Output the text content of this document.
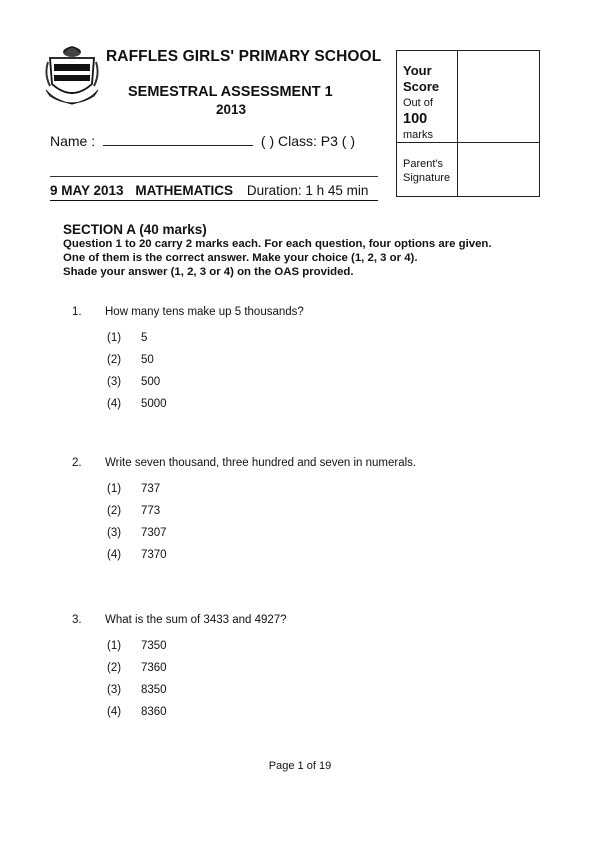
RAFFLES GIRLS' PRIMARY SCHOOL
SEMESTRAL ASSESSMENT 1
2013
Name :	( ) Class: P3 ( )
9 MAY 2013 MATHEMATICS Duration: 1 h 45 min
Your Score
Out of
100
marks
Parent's Signature
SECTION A (40 marks)
Question 1 to 20 carry 2 marks each. For each question, four options are given.
One of them is the correct answer. Make your choice (1, 2, 3 or 4).
Shade your answer (1, 2, 3 or 4) on the OAS provided.
1. How many tens make up 5 thousands?
(1) 5
(2) 50
(3) 500
(4) 5000
2. Write seven thousand, three hundred and seven in numerals.
(1) 737
(2) 773
(3) 7307
(4) 7370
3. What is the sum of 3433 and 4927?
(1) 7350
(2) 7360
(3) 8350
(4) 8360
Page 1 of 19
